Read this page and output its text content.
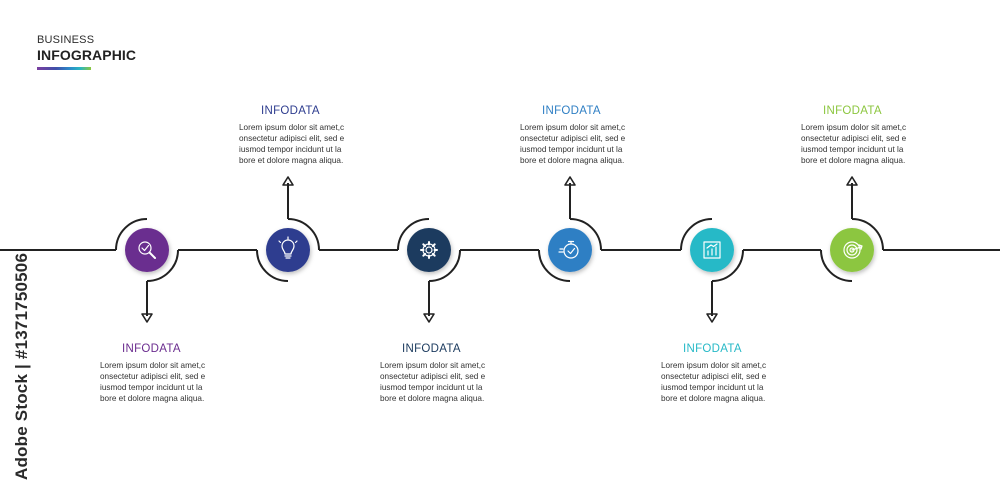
BUSINESS
INFOGRAPHIC
INFODATA
Lorem ipsum dolor sit amet,c
onsectetur adipisci elit, sed e
iusmod tempor incidunt ut la
bore et dolore magna aliqua.
INFODATA
Lorem ipsum dolor sit amet,c
onsectetur adipisci elit, sed e
iusmod tempor incidunt ut la
bore et dolore magna aliqua.
INFODATA
Lorem ipsum dolor sit amet,c
onsectetur adipisci elit, sed e
iusmod tempor incidunt ut la
bore et dolore magna aliqua.
INFODATA
Lorem ipsum dolor sit amet,c
onsectetur adipisci elit, sed e
iusmod tempor incidunt ut la
bore et dolore magna aliqua.
INFODATA
Lorem ipsum dolor sit amet,c
onsectetur adipisci elit, sed e
iusmod tempor incidunt ut la
bore et dolore magna aliqua.
INFODATA
Lorem ipsum dolor sit amet,c
onsectetur adipisci elit, sed e
iusmod tempor incidunt ut la
bore et dolore magna aliqua.
Adobe Stock | #1371750506
